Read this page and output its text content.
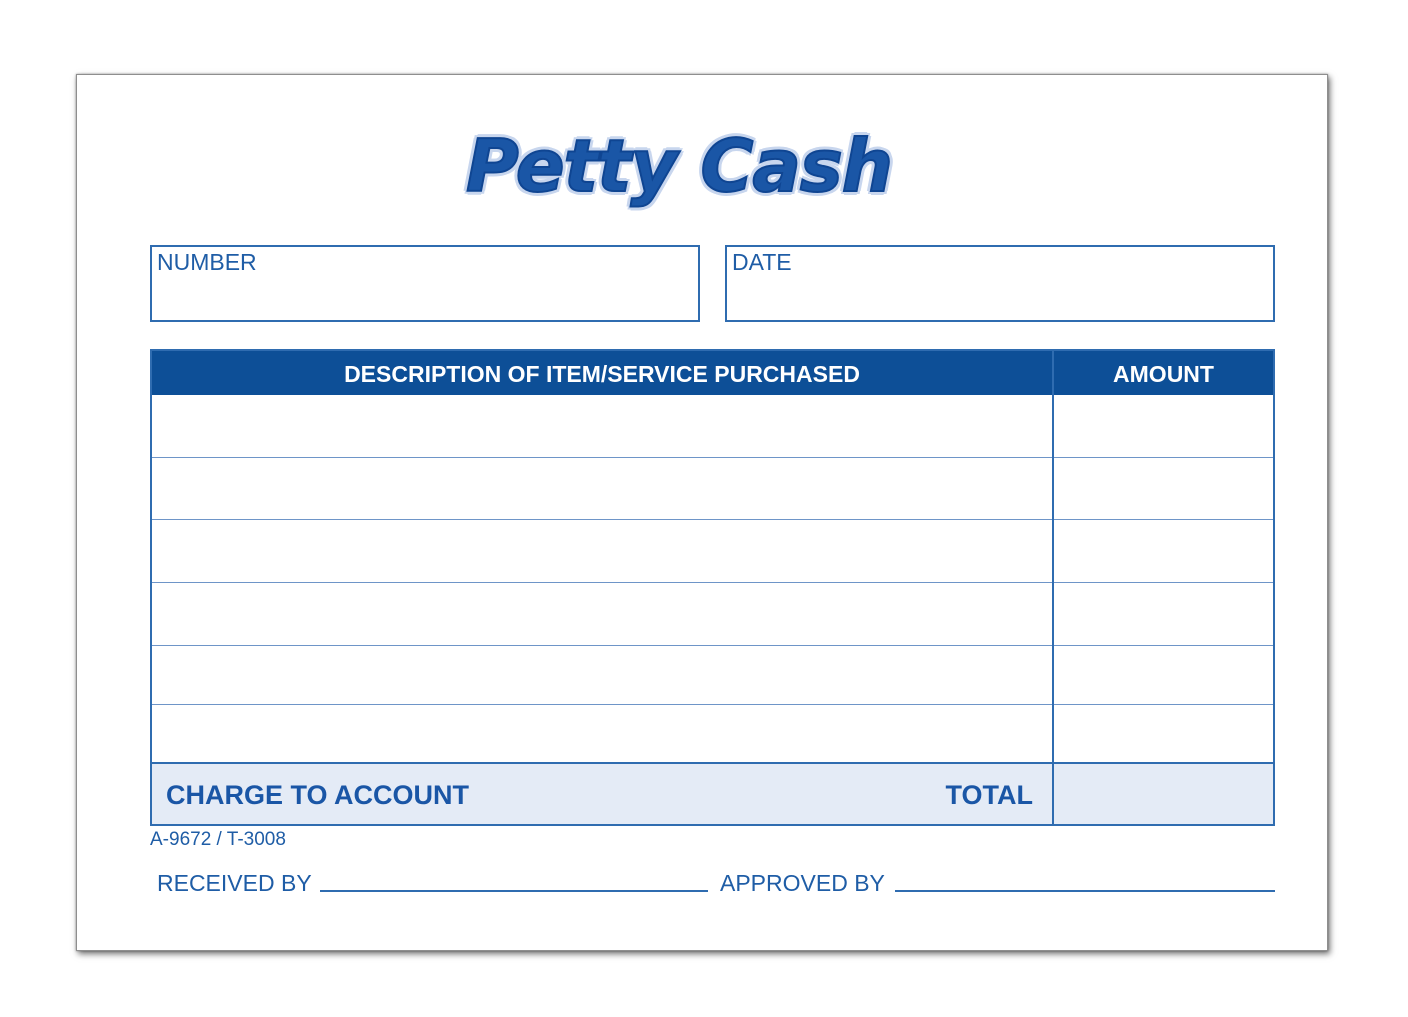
Petty Cash
NUMBER	DATE
DESCRIPTION OF ITEM/SERVICE PURCHASED	AMOUNT
CHARGE TO ACCOUNT	TOTAL
A-9672 / T-3008
RECEIVED BY	APPROVED BY
